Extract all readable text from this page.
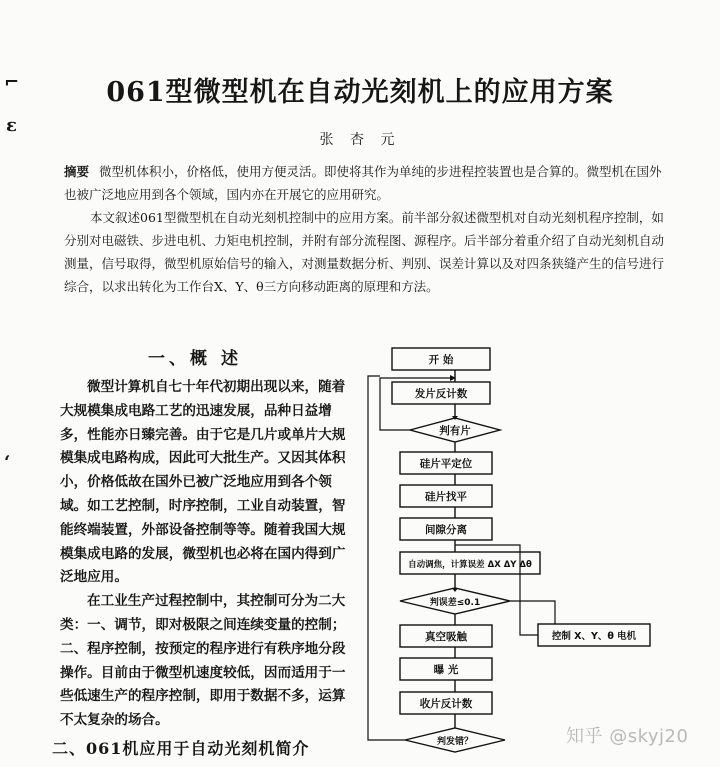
061型微型机在自动光刻机上的应用方案
张 杏 元

摘要 微型机体积小，价格低，使用方便灵活。即使将其作为单纯的步进程控装置也是合算的。微型机在国外也被广泛地应用到各个领域，国内亦在开展它的应用研究。

本文叙述061型微型机在自动光刻机控制中的应用方案。前半部分叙述微型机对自动光刻机程序控制，如分别对电磁铁、步进电机、力矩电机控制，并附有部分流程图、源程序。后半部分着重介绍了自动光刻机自动测量，信号取得，微型机原始信号的输入，对测量数据分析、判别、误差计算以及对四条狭缝产生的信号进行综合，以求出转化为工作台X、Y、θ三方向移动距离的原理和方法。

一、概 述

微型计算机自七十年代初期出现以来，随着大规模集成电路工艺的迅速发展，品种日益增多，性能亦日臻完善。由于它是几片或单片大规模集成电路构成，因此可大批生产。又因其体积小，价格低故在国外已被广泛地应用到各个领域。如工艺控制，时序控制，工业自动装置，智能终端装置，外部设备控制等等。随着我国大规模集成电路的发展，微型机也必将在国内得到广泛地应用。

在工业生产过程控制中，其控制可分为二大类：一、调节，即对极限之间连续变量的控制；二、程序控制，按预定的程序进行有秩序地分段操作。目前由于微型机速度较低，因而适用于一些低速生产的程序控制，即用于数据不多，运算不太复杂的场合。

二、061机应用于自动光刻机简介
⌐
ɛ
‘
开 始
发片反计数
判有片
硅片平定位
硅片找平
间隙分离
自动调焦，计算误差 ΔX ΔY Δθ
判误差≤0.1
真空吸触
曝 光
收片反计数
判发错？
控制 X、Y、θ 电机
知乎 @skyj20
